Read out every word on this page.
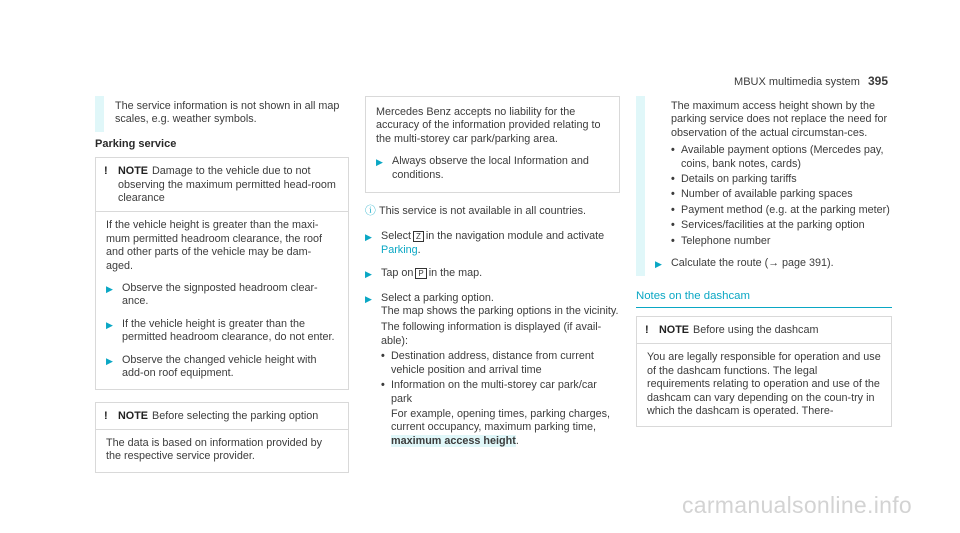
MBUX multimedia system 395
The service information is not shown in all map scales, e.g. weather symbols.
Parking service
! NOTE Damage to the vehicle due to not observing the maximum permitted head-room clearance
If the vehicle height is greater than the maxi-mum permitted headroom clearance, the roof and other parts of the vehicle may be dam-aged.
▶ Observe the signposted headroom clear-ance.
▶ If the vehicle height is greater than the permitted headroom clearance, do not enter.
▶ Observe the changed vehicle height with add-on roof equipment.
! NOTE Before selecting the parking option
The data is based on information provided by the respective service provider.
Mercedes Benz accepts no liability for the accuracy of the information provided relating to the multi-storey car park/parking area.
▶ Always observe the local Information and conditions.
ⓘ This service is not available in all countries.
▶ Select Z in the navigation module and activate Parking.
▶ Tap on P in the map.
▶ Select a parking option.
The map shows the parking options in the vicinity.
The following information is displayed (if avail-able):
• Destination address, distance from current vehicle position and arrival time
• Information on the multi-storey car park/car park
For example, opening times, parking charges, current occupancy, maximum parking time, maximum access height.
The maximum access height shown by the parking service does not replace the need for observation of the actual circumstan-ces.
• Available payment options (Mercedes pay, coins, bank notes, cards)
• Details on parking tariffs
• Number of available parking spaces
• Payment method (e.g. at the parking meter)
• Services/facilities at the parking option
• Telephone number
▶ Calculate the route (→ page 391).
Notes on the dashcam
! NOTE Before using the dashcam
You are legally responsible for operation and use of the dashcam functions. The legal requirements relating to operation and use of the dashcam can vary depending on the coun-try in which the dashcam is operated. There-
carmanualsonline.info
